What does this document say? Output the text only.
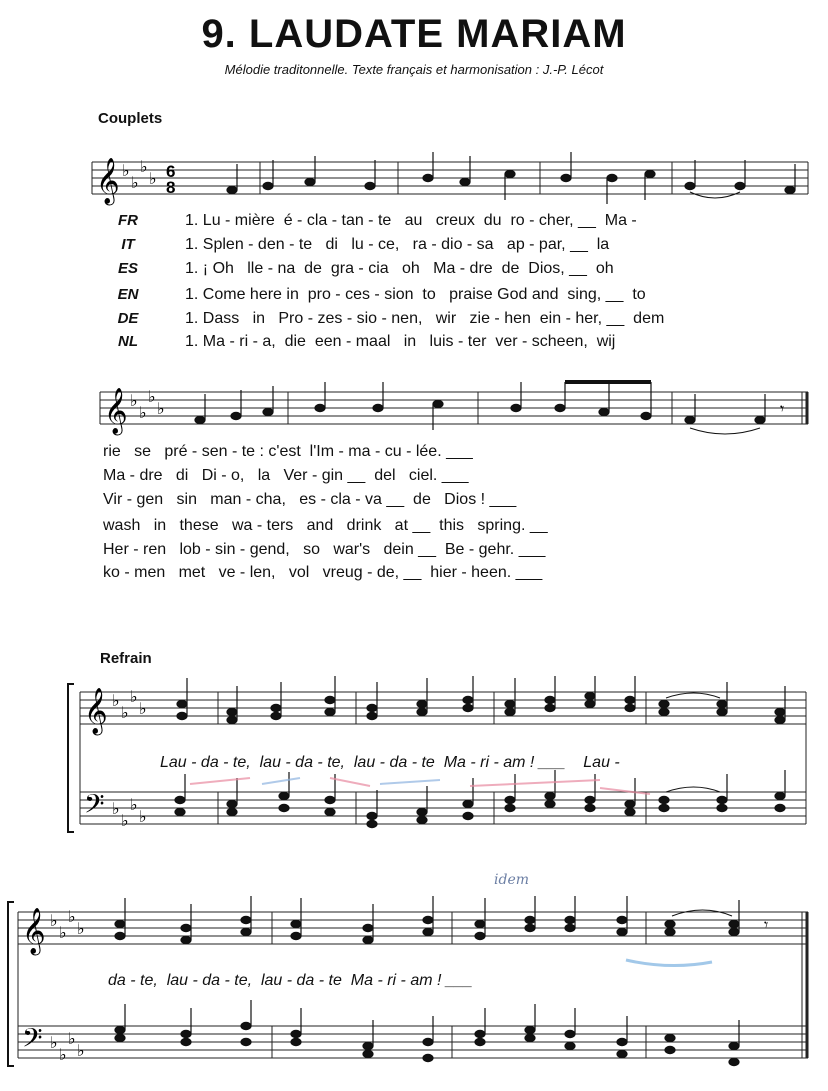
9. LAUDATE MARIAM
Mélodie traditonnelle. Texte français et harmonisation : J.-P. Lécot
Couplets
𝄞 ♭
♭
♭
♭ 6
8
FR
IT
ES
EN
DE
NL
1. Lu - mière  é - cla - tan - te   au   creux  du  ro - cher, __  Ma -
1. Splen - den - te   di   lu - ce,   ra - dio - sa   ap - par, __  la
1. ¡ Oh   lle - na  de  gra - cia   oh   Ma - dre  de  Dios, __  oh
1. Come here in  pro - ces - sion  to   praise God and  sing, __  to
1. Dass   in   Pro - zes - sio - nen,   wir   zie - hen  ein - her, __  dem
1. Ma - ri - a,  die  een - maal   in   luis - ter  ver - scheen,  wij
𝄞 ♭
♭
♭
♭	𝄾
rie   se   pré - sen - te : c'est  l'Im - ma - cu - lée. ___
Ma - dre   di   Di - o,   la   Ver - gin __  del   ciel. ___
Vir - gen   sin   man - cha,   es - cla - va __  de   Dios ! ___
wash   in   these   wa - ters   and   drink   at __  this   spring. __
Her - ren   lob - sin - gend,   so   war's   dein __  Be - gehr. ___
ko - men   met   ve - len,   vol   vreug - de, __  hier - heen. ___
Refrain
𝄞
𝄢
♭
♭
♭
♭
♭
♭
♭
♭
Lau - da - te,  lau - da - te,  lau - da - te  Ma - ri - am ! ___    Lau -
idem
𝄞
𝄢
♭
♭
♭
♭
♭
♭
♭
♭
𝄾
da - te,  lau - da - te,  lau - da - te  Ma - ri - am ! ___
